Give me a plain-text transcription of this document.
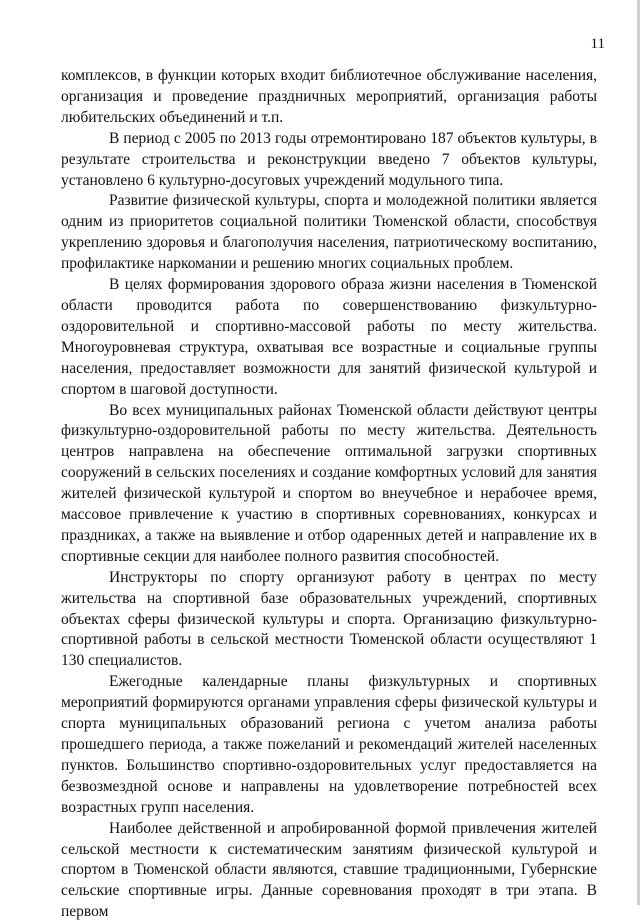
11

комплексов, в функции которых входит библиотечное обслуживание населения, организация и проведение праздничных мероприятий, организация работы любительских объединений и т.п.

В период с 2005 по 2013 годы отремонтировано 187 объектов культуры, в результате строительства и реконструкции введено 7 объектов культуры, установлено 6 культурно-досуговых учреждений модульного типа.

Развитие физической культуры, спорта и молодежной политики является одним из приоритетов социальной политики Тюменской области, способствуя укреплению здоровья и благополучия населения, патриотическому воспитанию, профилактике наркомании и решению многих социальных проблем.

В целях формирования здорового образа жизни населения в Тюменской области проводится работа по совершенствованию физкультурно-оздоровительной и спортивно-массовой работы по месту жительства. Многоуровневая структура, охватывая все возрастные и социальные группы населения, предоставляет возможности для занятий физической культурой и спортом в шаговой доступности.

Во всех муниципальных районах Тюменской области действуют центры физкультурно-оздоровительной работы по месту жительства. Деятельность центров направлена на обеспечение оптимальной загрузки спортивных сооружений в сельских поселениях и создание комфортных условий для занятия жителей физической культурой и спортом во внеучебное и нерабочее время, массовое привлечение к участию в спортивных соревнованиях, конкурсах и праздниках, а также на выявление и отбор одаренных детей и направление их в спортивные секции для наиболее полного развития способностей.

Инструкторы по спорту организуют работу в центрах по месту жительства на спортивной базе образовательных учреждений, спортивных объектах сферы физической культуры и спорта. Организацию физкультурно-спортивной работы в сельской местности Тюменской области осуществляют 1 130 специалистов.

Ежегодные календарные планы физкультурных и спортивных мероприятий формируются органами управления сферы физической культуры и спорта муниципальных образований региона с учетом анализа работы прошедшего периода, а также пожеланий и рекомендаций жителей населенных пунктов. Большинство спортивно-оздоровительных услуг предоставляется на безвозмездной основе и направлены на удовлетворение потребностей всех возрастных групп населения.

Наиболее действенной и апробированной формой привлечения жителей сельской местности к систематическим занятиям физической культурой и спортом в Тюменской области являются, ставшие традиционными, Губернские сельские спортивные игры. Данные соревнования проходят в три этапа. В первом
